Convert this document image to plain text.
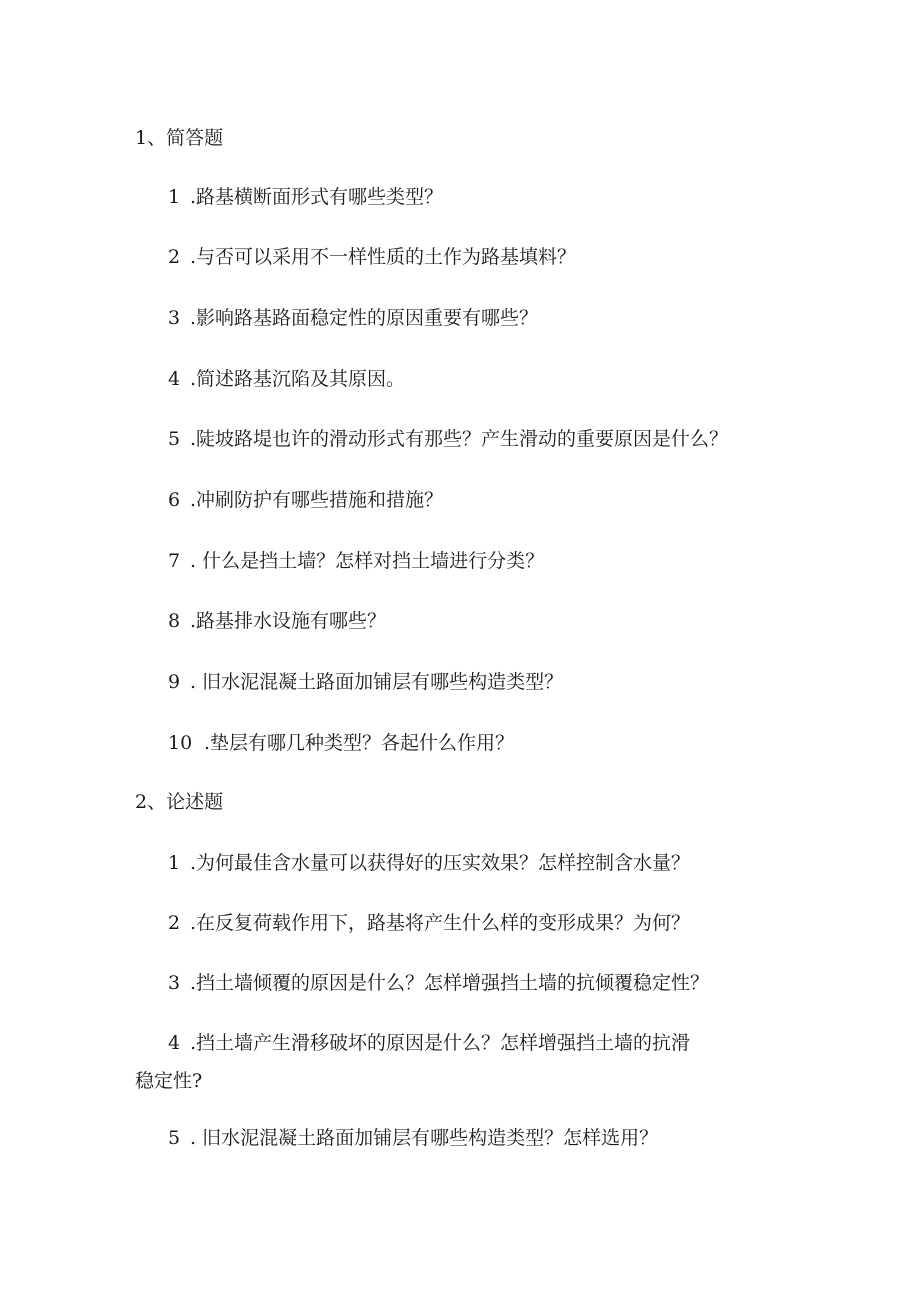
1、简答题

1 .路基横断面形式有哪些类型？

2 .与否可以采用不一样性质的土作为路基填料？

3 .影响路基路面稳定性的原因重要有哪些？

4 .简述路基沉陷及其原因。

5 .陡坡路堤也许的滑动形式有那些？产生滑动的重要原因是什么？

6 .冲刷防护有哪些措施和措施？

7 . 什么是挡土墙？怎样对挡土墙进行分类？

8 .路基排水设施有哪些？

9 . 旧水泥混凝土路面加铺层有哪些构造类型？

10 .垫层有哪几种类型？各起什么作用？

2、论述题

1 .为何最佳含水量可以获得好的压实效果？怎样控制含水量？

2 .在反复荷载作用下，路基将产生什么样的变形成果？为何？

3 .挡土墙倾覆的原因是什么？怎样增强挡土墙的抗倾覆稳定性？

4 .挡土墙产生滑移破坏的原因是什么？怎样增强挡土墙的抗滑

稳定性?

5 . 旧水泥混凝土路面加铺层有哪些构造类型？怎样选用？
